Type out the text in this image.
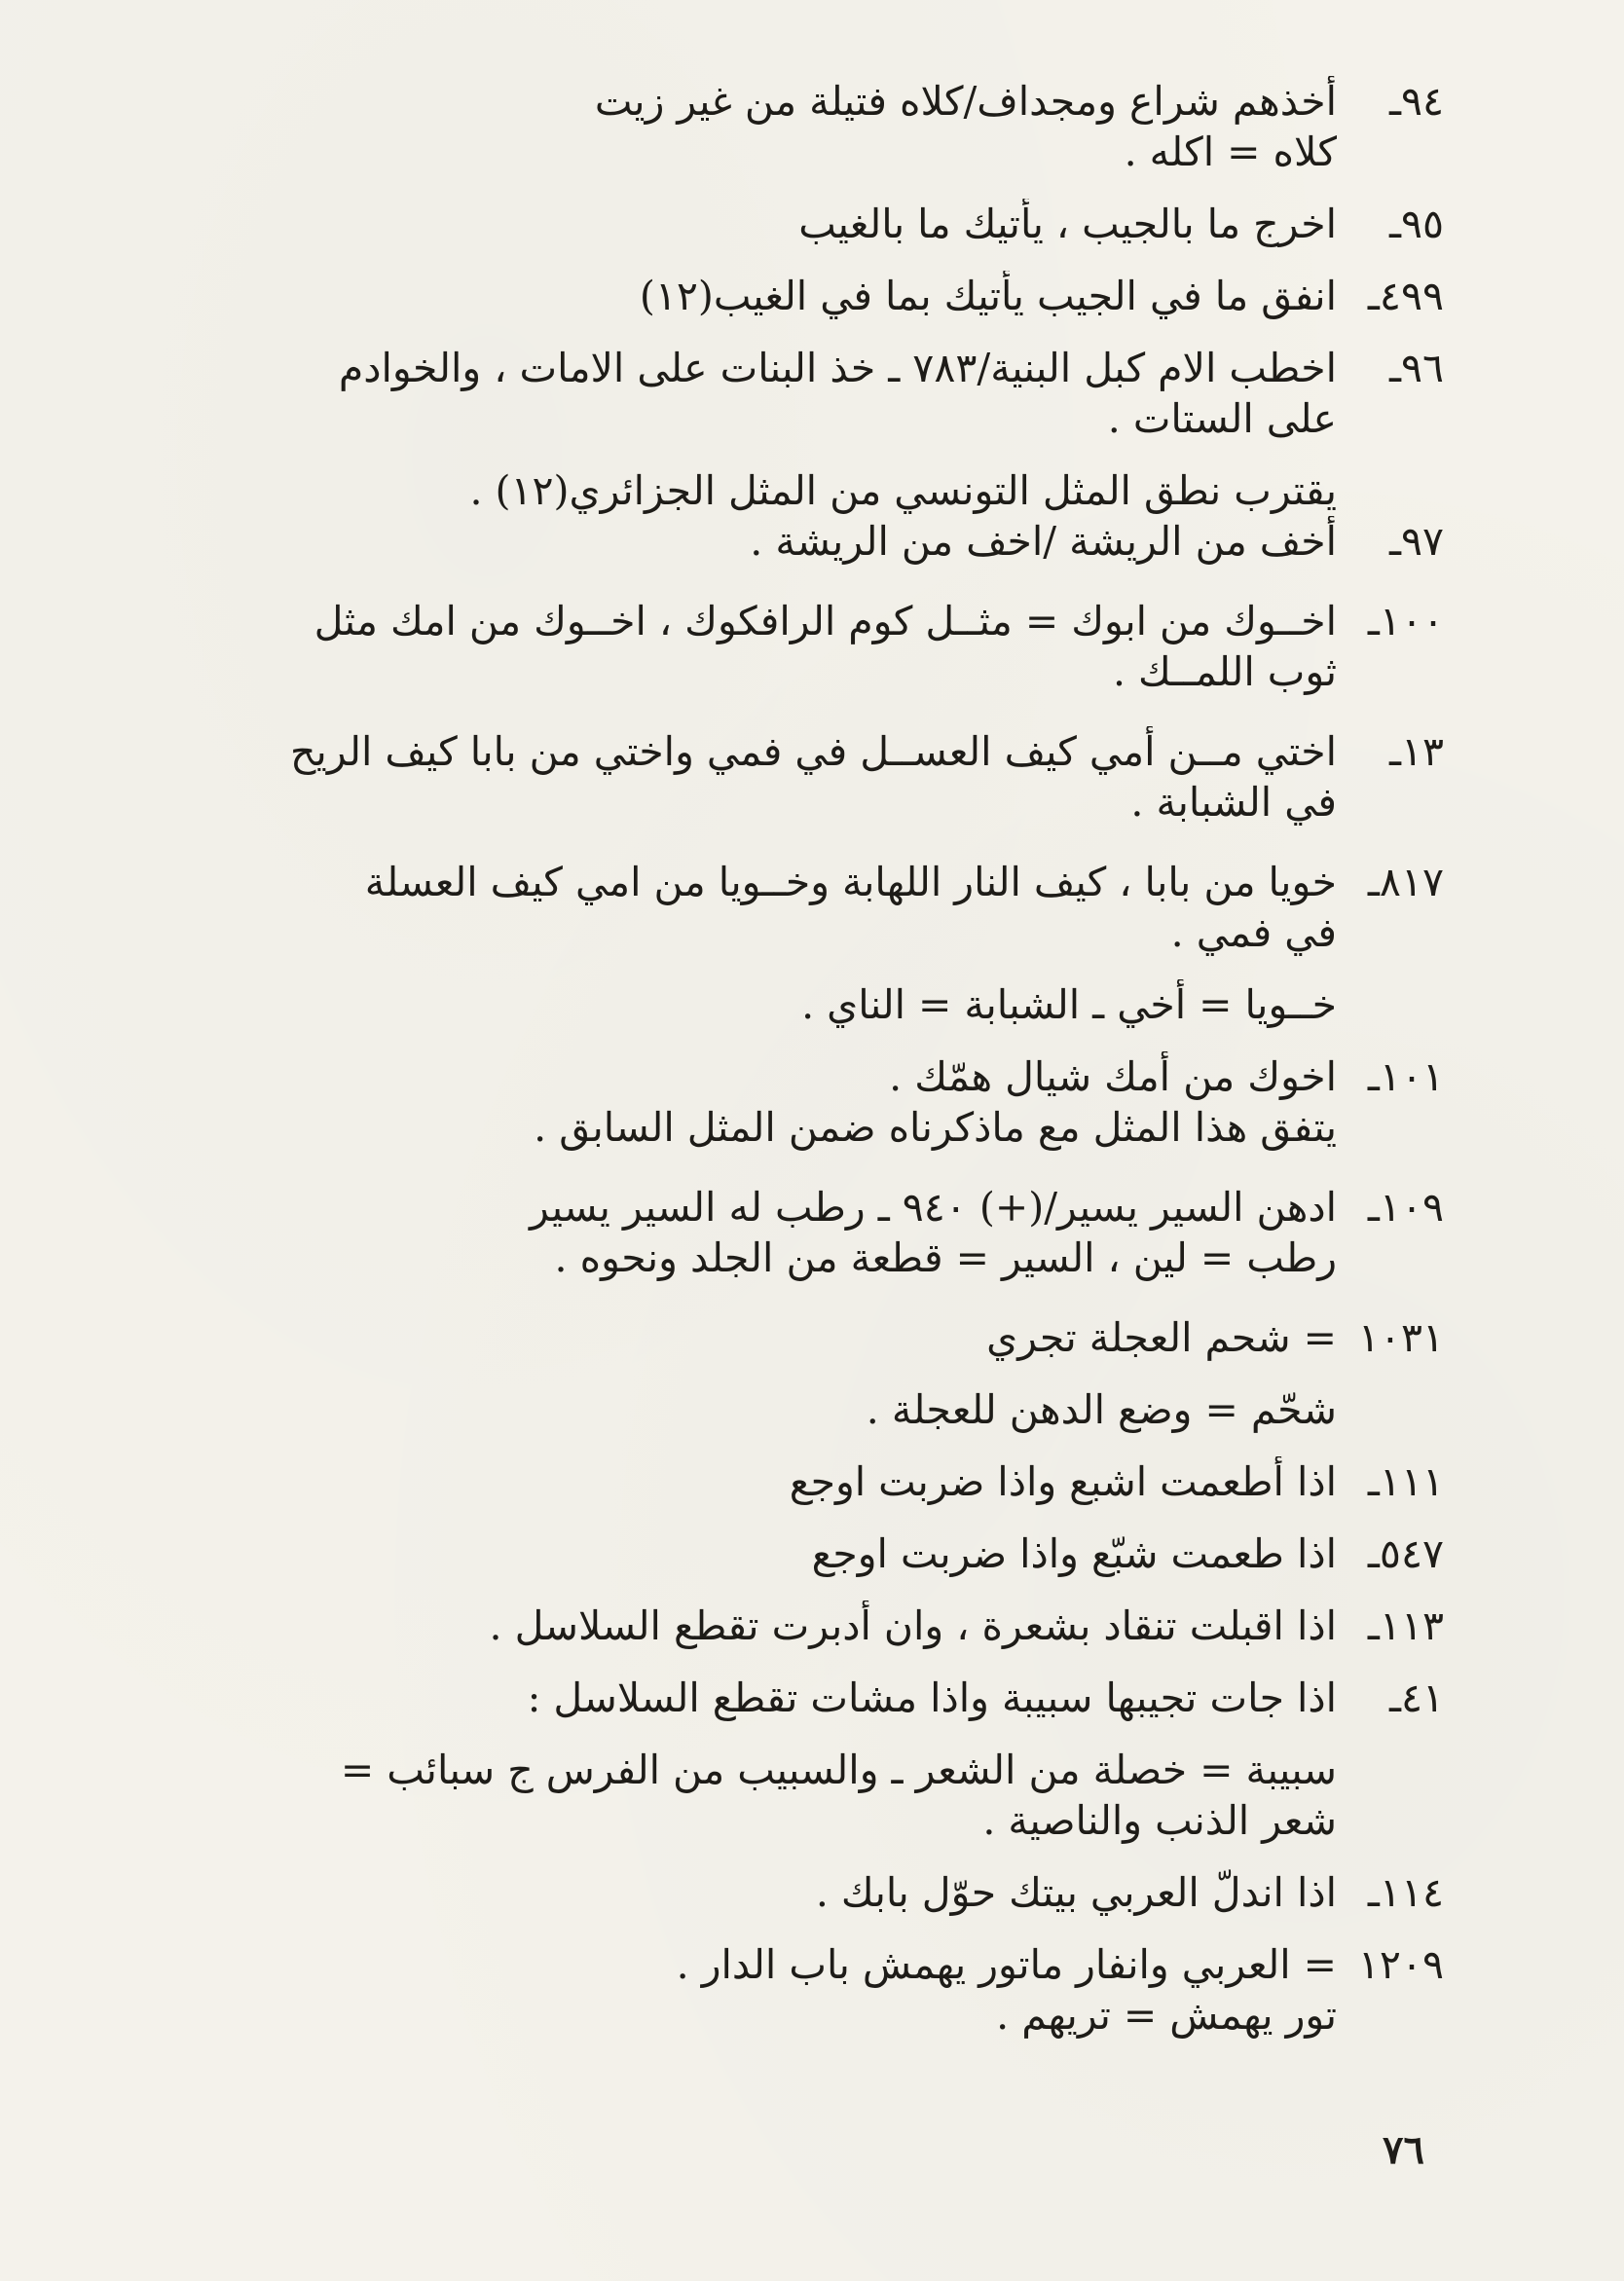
٩٤ـأخذهم شراع ومجداف/كلاه فتيلة من غير زيت
كلاه = اكله .
٩٥ـاخرج ما بالجيب ، يأتيك ما بالغيب
٤٩٩ـانفق ما في الجيب يأتيك بما في الغيب(١٢)
٩٦ـاخطب الام كبل البنية/٧٨٣ ـ خذ البنات على الامات ، والخوادم
على الستات .
يقترب نطق المثل التونسي من المثل الجزائري(١٢) .
٩٧ـأخف من الريشة /اخف من الريشة .
١٠٠ـاخــوك من ابوك = مثــل كوم الرافكوك ، اخــوك من امك مثل
ثوب اللمــك .
١٣ـاختي مــن أمي كيف العســل في فمي واختي من بابا كيف الريح
في الشبابة .
٨١٧ـخويا من بابا ، كيف النار اللهابة وخــويا من امي كيف العسلة
في فمي .
خــويا = أخي ـ الشبابة = الناي .
١٠١ـاخوك من أمك شيال همّك .
يتفق هذا المثل مع ماذكرناه ضمن المثل السابق .
١٠٩ـادهن السير يسير/(+) ٩٤٠ ـ رطب له السير يسير
رطب = لين ، السير = قطعة من الجلد ونحوه .
١٠٣١= شحم العجلة تجري
شحّم = وضع الدهن للعجلة .
١١١ـاذا أطعمت اشبع واذا ضربت اوجع
٥٤٧ـاذا طعمت شبّع واذا ضربت اوجع
١١٣ـاذا اقبلت تنقاد بشعرة ، وان أدبرت تقطع السلاسل .
٤١ـاذا جات تجيبها سبيبة واذا مشات تقطع السلاسل :
سبيبة = خصلة من الشعر ـ والسبيب من الفرس ج سبائب =
شعر الذنب والناصية .
١١٤ـاذا اندلّ العربي بيتك حوّل بابك .
١٢٠٩= العربي وانفار ماتور يهمش باب الدار .
تور يهمش = تريهم .
٧٦
